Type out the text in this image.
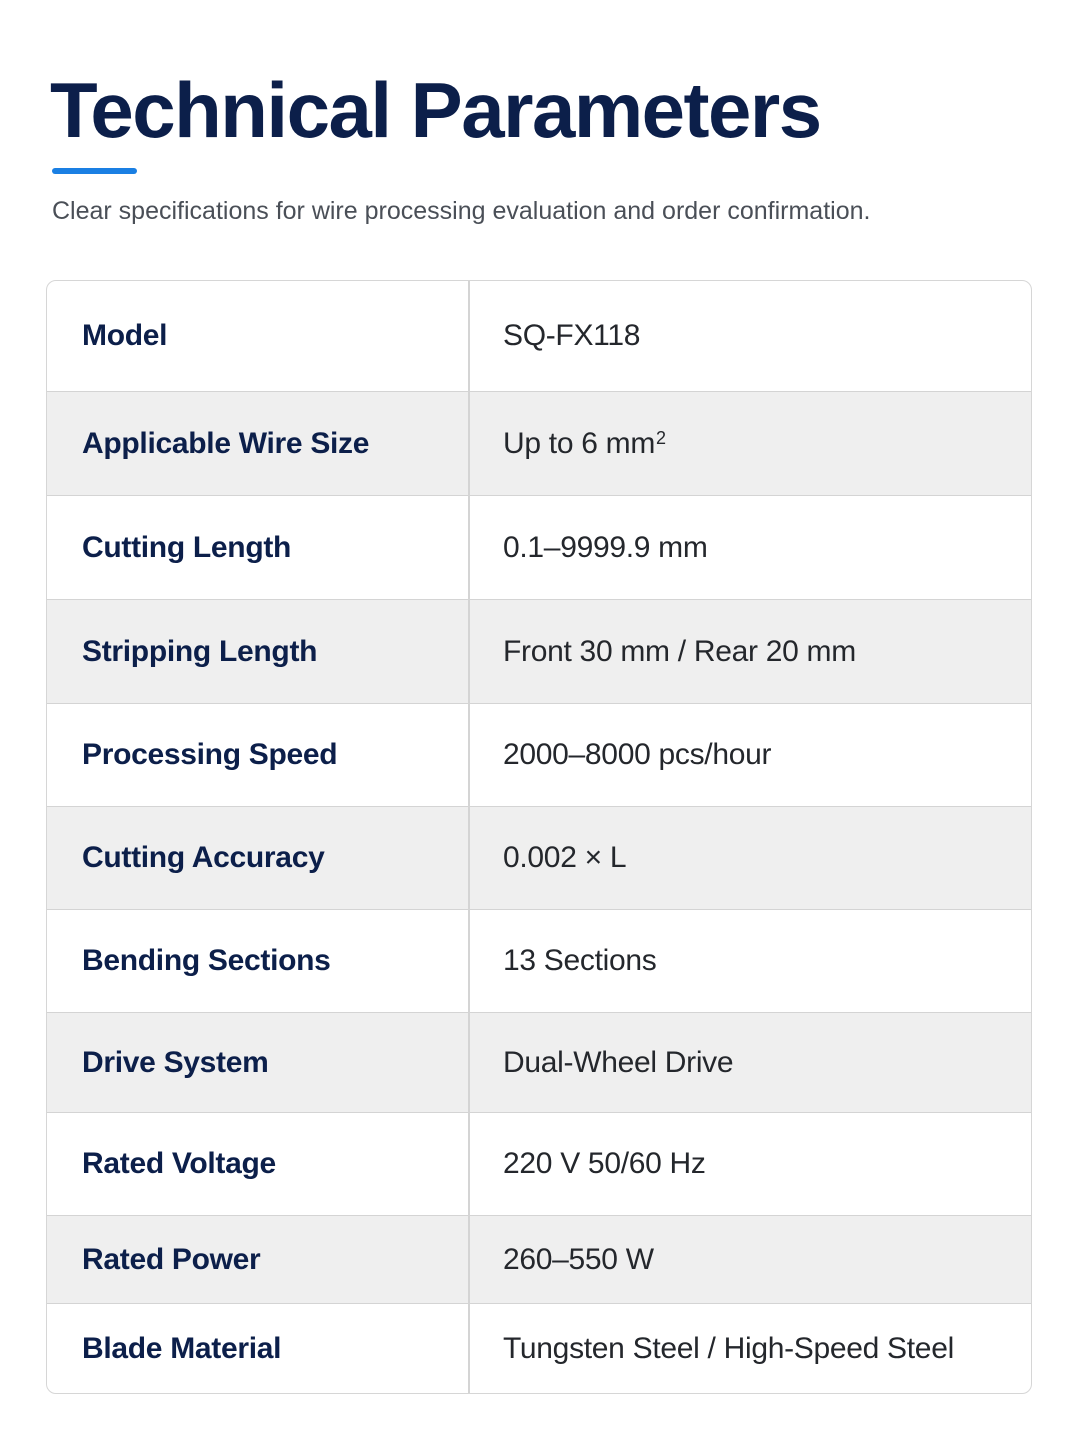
Technical Parameters

Clear specifications for wire processing evaluation and order confirmation.

Model	SQ-FX118
Applicable Wire Size	Up to 6 $mm^2$
Cutting Length	0.1–9999.9 mm
Stripping Length	Front 30 mm / Rear 20 mm
Processing Speed	2000–8000 pcs/hour
Cutting Accuracy	0.002 × L
Bending Sections	13 Sections
Drive System	Dual-Wheel Drive
Rated Voltage	220 V 50/60 Hz
Rated Power	260–550 W
Blade Material	Tungsten Steel / High-Speed Steel
